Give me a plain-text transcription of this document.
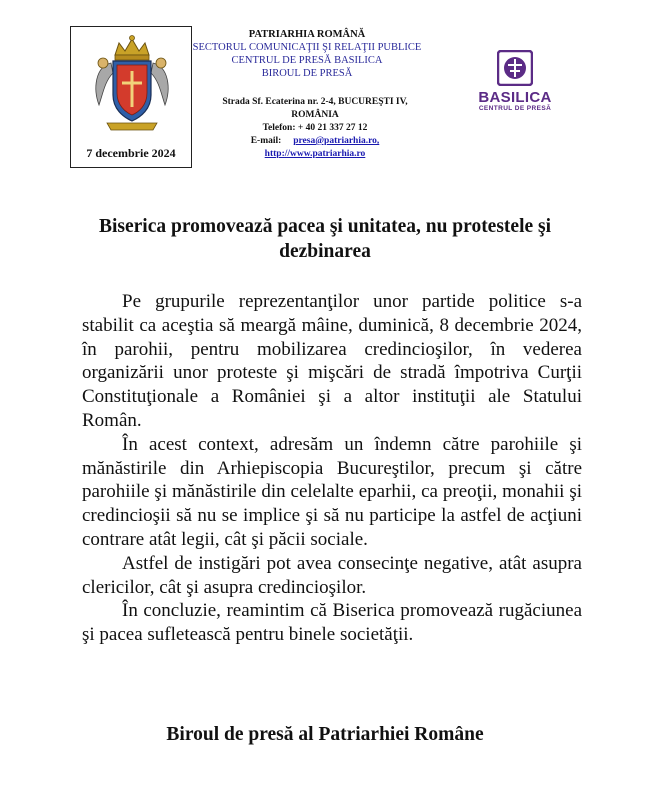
7 decembrie 2024
PATRIARHIA ROMÂNĂ
SECTORUL COMUNICAŢII ŞI RELAŢII PUBLICE
CENTRUL DE PRESĂ BASILICA
BIROUL DE PRESĂ
Strada Sf. Ecaterina nr. 2-4, BUCUREŞTI IV,
ROMÂNIA
Telefon: + 40 21 337 27 12
E-mail: presa@patriarhia.ro,
http://www.patriarhia.ro
BASILICA
CENTRUL DE PRESĂ
Biserica promovează pacea şi unitatea, nu protestele şi dezbinarea

Pe grupurile reprezentanţilor unor partide politice s-a stabilit ca aceştia să meargă mâine, duminică, 8 decembrie 2024, în parohii, pentru mobilizarea credincioşilor, în vederea organizării unor proteste şi mişcări de stradă împotriva Curţii Constituţionale a României şi a altor instituţii ale Statului Român.

În acest context, adresăm un îndemn către parohiile şi mănăstirile din Arhiepiscopia Bucureştilor, precum şi către parohiile şi mănăstirile din celelalte eparhii, ca preoţii, monahii şi credincioşii să nu se implice şi să nu participe la astfel de acţiuni contrare atât legii, cât şi păcii sociale.

Astfel de instigări pot avea consecinţe negative, atât asupra clericilor, cât şi asupra credincioşilor.

În concluzie, reamintim că Biserica promovează rugăciunea şi pacea sufletească pentru binele societăţii.

Biroul de presă al Patriarhiei Române
